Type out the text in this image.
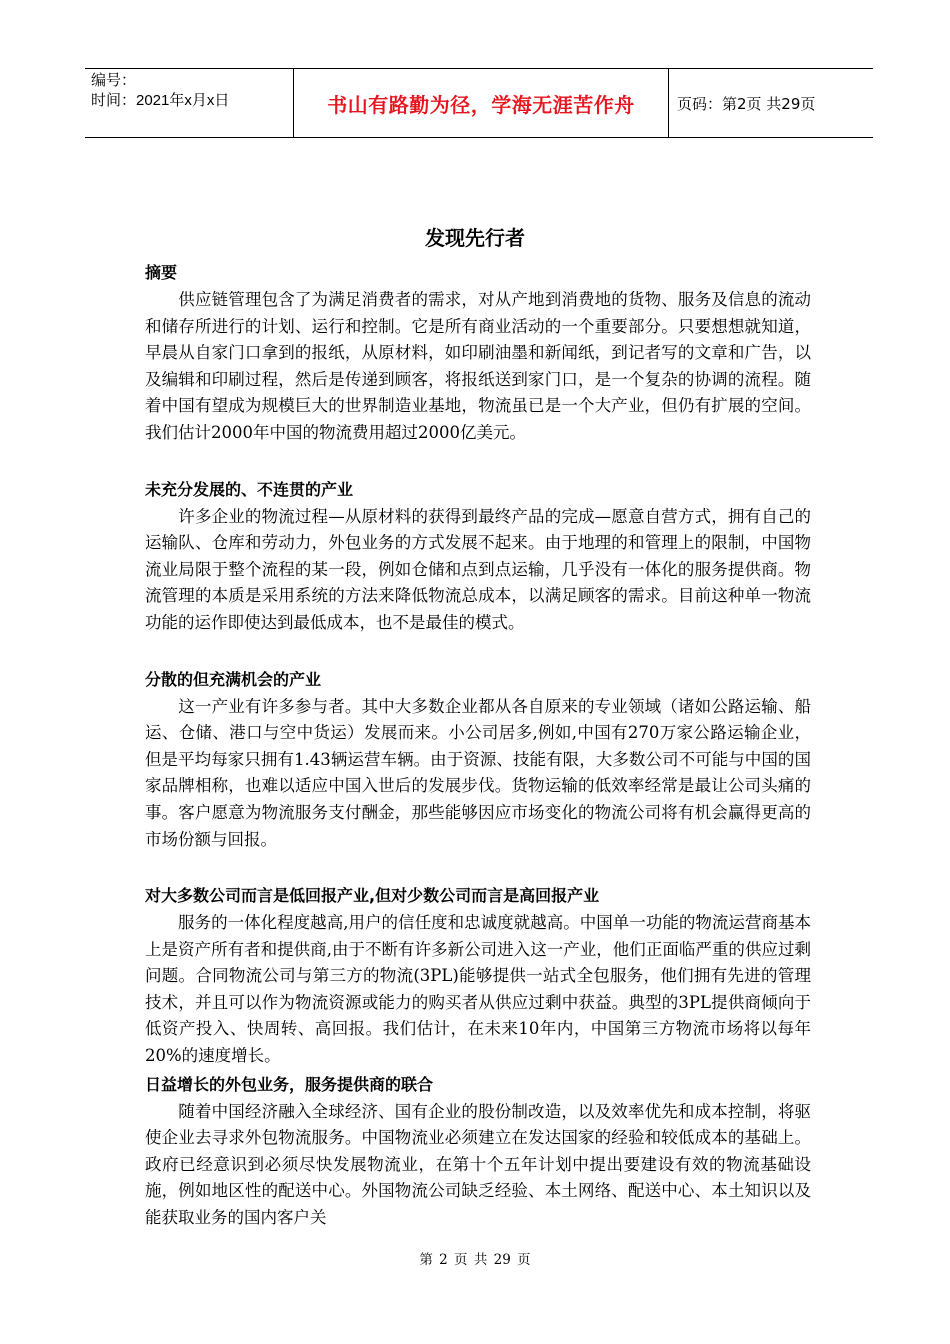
编号：
时间：2021年x月x日	书山有路勤为径，学海无涯苦作舟	页码：第2页 共29页
发现先行者
摘要
　　供应链管理包含了为满足消费者的需求，对从产地到消费地的货物、服务及信息的流动和储存所进行的计划、运行和控制。它是所有商业活动的一个重要部分。只要想想就知道，早晨从自家门口拿到的报纸，从原材料，如印刷油墨和新闻纸，到记者写的文章和广告，以及编辑和印刷过程，然后是传递到顾客，将报纸送到家门口，是一个复杂的协调的流程。随着中国有望成为规模巨大的世界制造业基地，物流虽已是一个大产业，但仍有扩展的空间。我们估计2000年中国的物流费用超过2000亿美元。
未充分发展的、不连贯的产业
　　许多企业的物流过程—从原材料的获得到最终产品的完成—愿意自营方式，拥有自己的运输队、仓库和劳动力，外包业务的方式发展不起来。由于地理的和管理上的限制，中国物流业局限于整个流程的某一段，例如仓储和点到点运输，几乎没有一体化的服务提供商。物流管理的本质是采用系统的方法来降低物流总成本，以满足顾客的需求。目前这种单一物流功能的运作即使达到最低成本，也不是最佳的模式。
分散的但充满机会的产业
　　这一产业有许多参与者。其中大多数企业都从各自原来的专业领域（诸如公路运输、船运、仓储、港口与空中货运）发展而来。小公司居多,例如,中国有270万家公路运输企业，但是平均每家只拥有1.43辆运营车辆。由于资源、技能有限，大多数公司不可能与中国的国家品牌相称，也难以适应中国入世后的发展步伐。货物运输的低效率经常是最让公司头痛的事。客户愿意为物流服务支付酬金，那些能够因应市场变化的物流公司将有机会赢得更高的市场份额与回报。
对大多数公司而言是低回报产业,但对少数公司而言是高回报产业
　　服务的一体化程度越高,用户的信任度和忠诚度就越高。中国单一功能的物流运营商基本上是资产所有者和提供商,由于不断有许多新公司进入这一产业，他们正面临严重的供应过剩问题。合同物流公司与第三方的物流(3PL)能够提供一站式全包服务，他们拥有先进的管理技术，并且可以作为物流资源或能力的购买者从供应过剩中获益。典型的3PL提供商倾向于低资产投入、快周转、高回报。我们估计，在未来10年内，中国第三方物流市场将以每年20%的速度增长。
日益增长的外包业务，服务提供商的联合
　　随着中国经济融入全球经济、国有企业的股份制改造，以及效率优先和成本控制，将驱使企业去寻求外包物流服务。中国物流业必须建立在发达国家的经验和较低成本的基础上。政府已经意识到必须尽快发展物流业，在第十个五年计划中提出要建设有效的物流基础设施，例如地区性的配送中心。外国物流公司缺乏经验、本土网络、配送中心、本土知识以及能获取业务的国内客户关
第 2 页 共 29 页
